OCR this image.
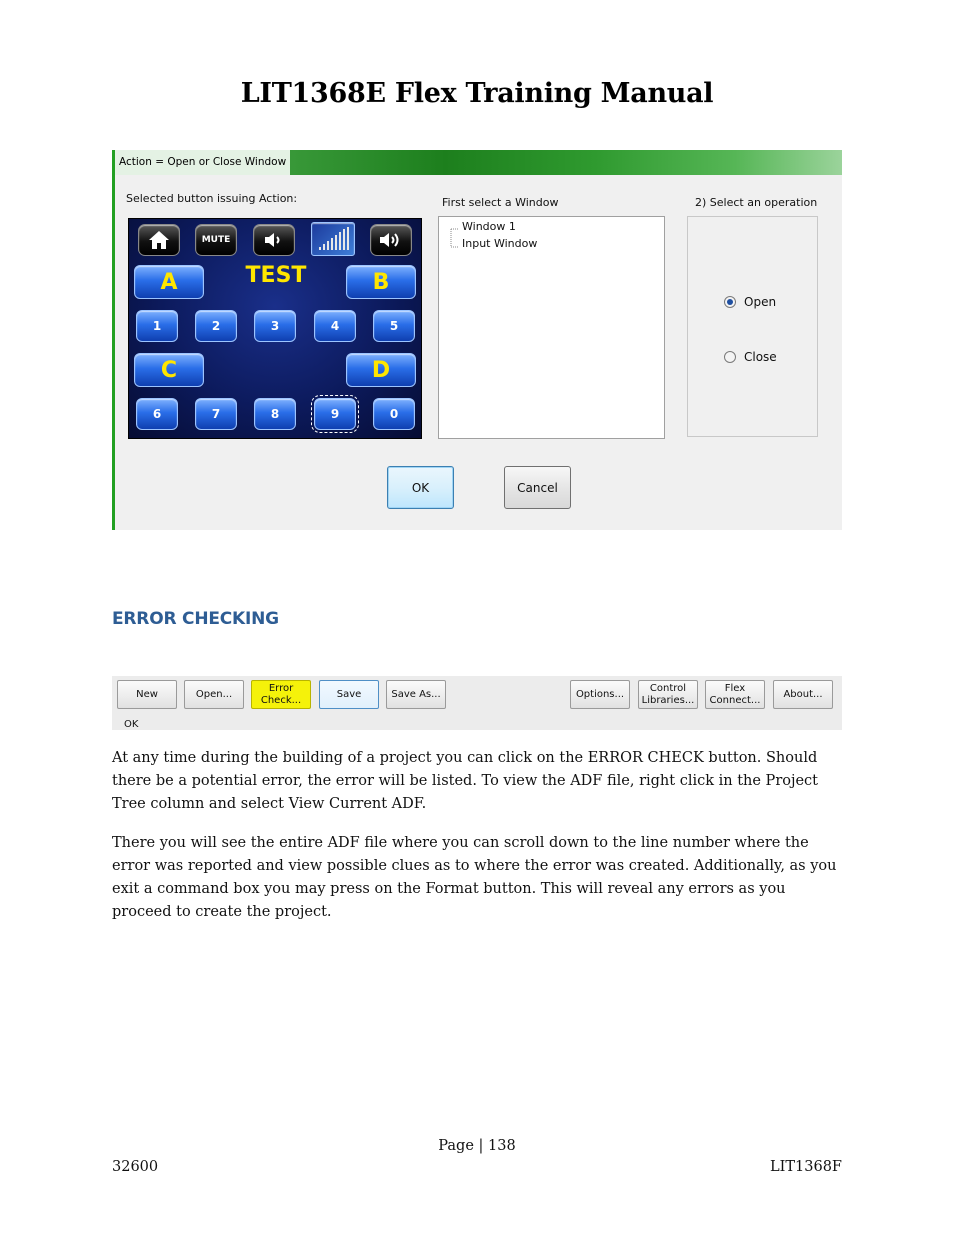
LIT1368E Flex Training Manual
Action = Open or Close Window
Selected button issuing Action:	First select a Window	2) Select an operation
MUTE
A	TEST	B
1	2	3	4	5
C	D
6	7	8	9	0
Window 1
Input Window
Open
Close
OK	Cancel
ERROR CHECKING
New	Open...
Error
Check...
Save	Save As...	Options...
Control
Libraries...
Flex
Connect...
About...
OK
At any time during the building of a project you can click on the ERROR CHECK button. Should there be a potential error, the error will be listed. To view the ADF file, right click in the Project Tree column and select View Current ADF.
There you will see the entire ADF file where you can scroll down to the line number where the error was reported and view possible clues as to where the error was created. Additionally, as you exit a command box you may press on the Format button. This will reveal any errors as you proceed to create the project.
Page | 138
32600	LIT1368F
